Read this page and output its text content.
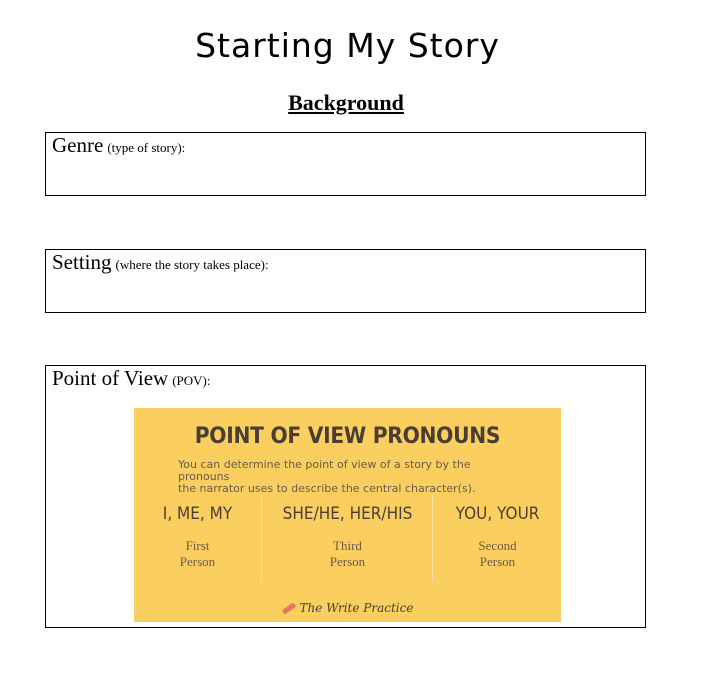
Starting My Story
Background
Genre (type of story):
Setting (where the story takes place):
Point of View (POV):
POINT OF VIEW PRONOUNS
You can determine the point of view of a story by the pronouns
the narrator uses to describe the central character(s).
I, ME, MY
First
Person
SHE/HE, HER/HIS
Third
Person
YOU, YOUR
Second
Person
The Write Practice
